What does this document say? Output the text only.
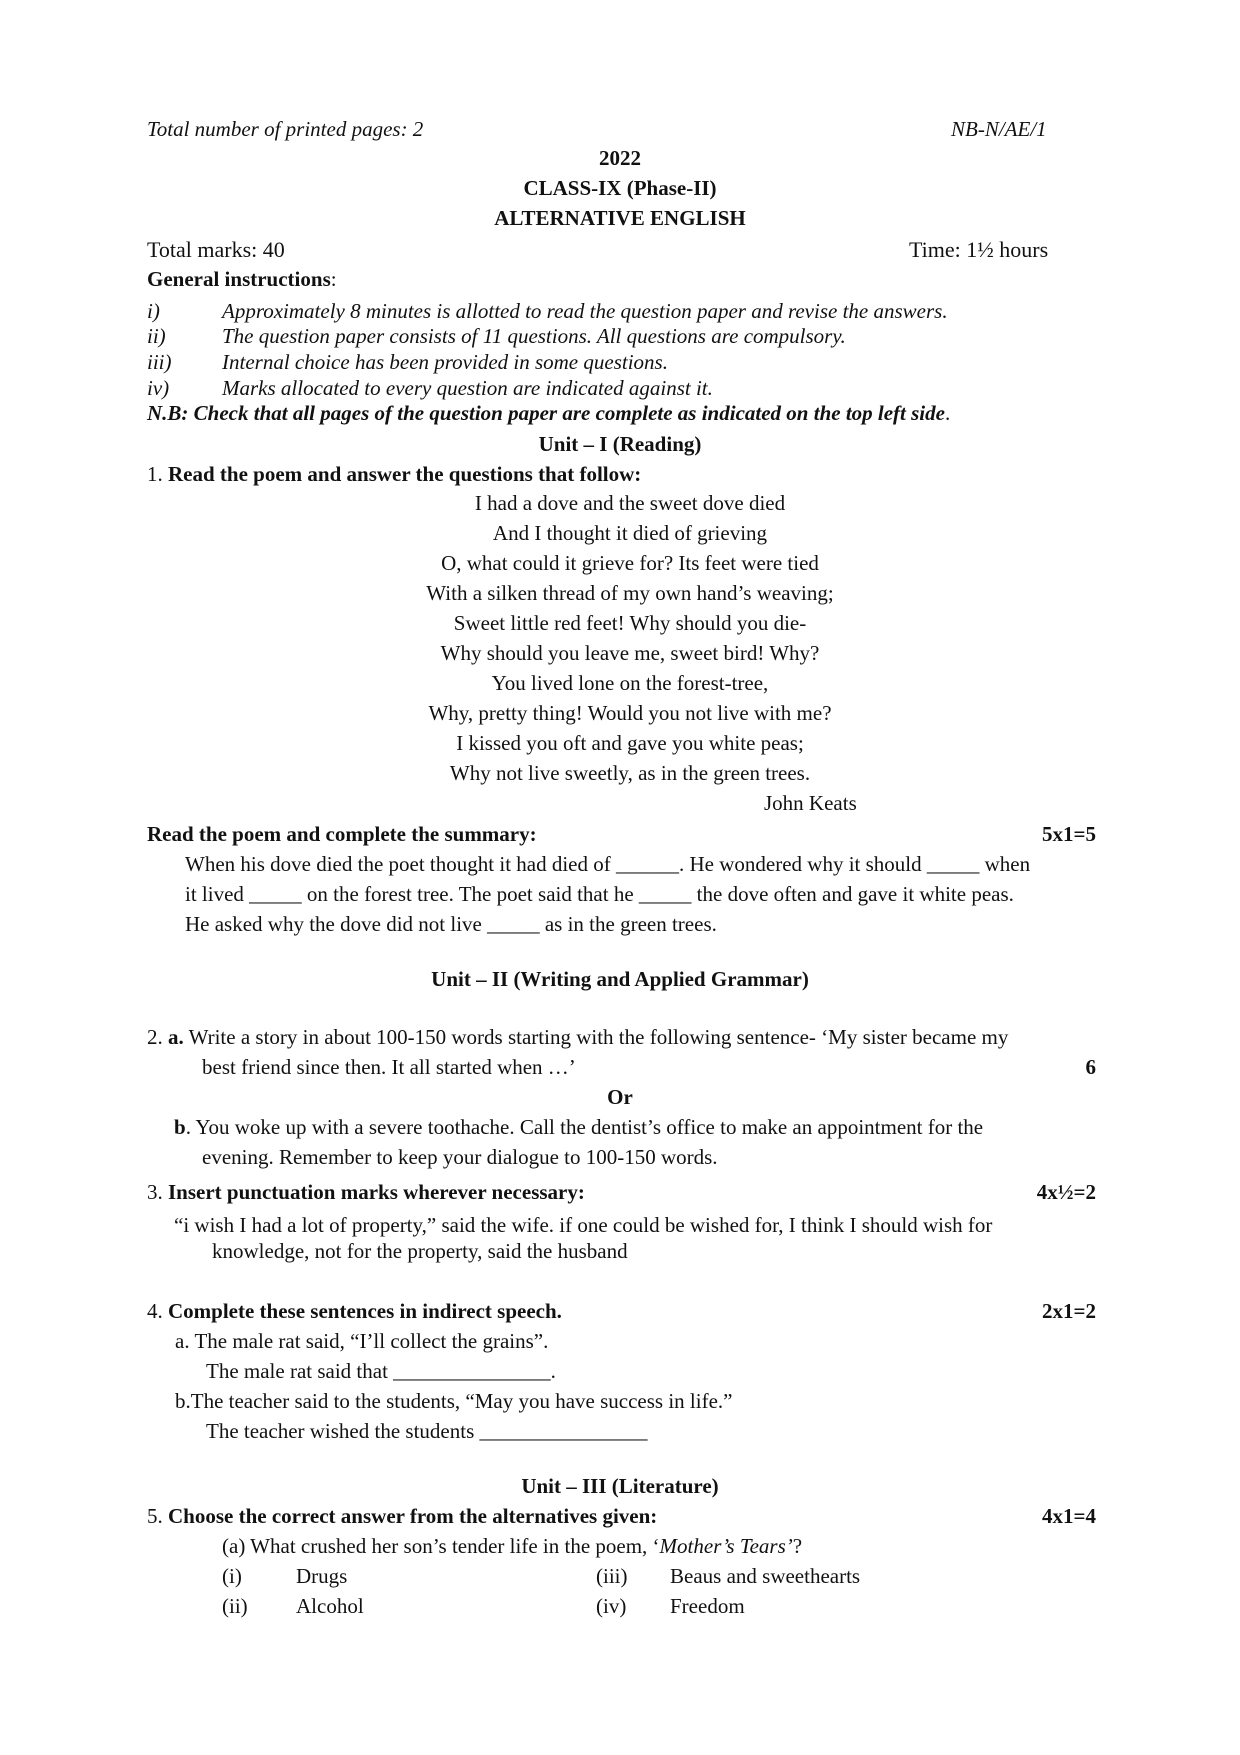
Total number of printed pages: 2	NB-N/AE/1
2022
CLASS-IX (Phase-II)
ALTERNATIVE ENGLISH
Total marks: 40	Time: 1½ hours
General instructions:
i)	Approximately 8 minutes is allotted to read the question paper and revise the answers.
ii)	The question paper consists of 11 questions. All questions are compulsory.
iii) Internal choice has been provided in some questions.
iv)	Marks allocated to every question are indicated against it.
N.B: Check that all pages of the question paper are complete as indicated on the top left side.
Unit – I (Reading)
1. Read the poem and answer the questions that follow:
I had a dove and the sweet dove died
And I thought it died of grieving
O, what could it grieve for? Its feet were tied
With a silken thread of my own hand’s weaving;
Sweet little red feet! Why should you die-
Why should you leave me, sweet bird! Why?
You lived lone on the forest-tree,
Why, pretty thing! Would you not live with me?
I kissed you oft and gave you white peas;
Why not live sweetly, as in the green trees.
John Keats
Read the poem and complete the summary:	5x1=5
When his dove died the poet thought it had died of ______. He wondered why it should _____ when
it lived _____ on the forest tree. The poet said that he _____ the dove often and gave it white peas.
He asked why the dove did not live _____ as in the green trees.
Unit – II (Writing and Applied Grammar)
2. a. Write a story in about 100-150 words starting with the following sentence- ‘My sister became my
best friend since then. It all started when …’	6
Or
b. You woke up with a severe toothache. Call the dentist’s office to make an appointment for the
evening. Remember to keep your dialogue to 100-150 words.
3. Insert punctuation marks wherever necessary:	4x½=2
“i wish I had a lot of property,” said the wife. if one could be wished for, I think I should wish for
knowledge, not for the property, said the husband
4. Complete these sentences in indirect speech.	2x1=2
a. The male rat said, “I’ll collect the grains”.
The male rat said that _______________.
b.The teacher said to the students, “May you have success in life.”
The teacher wished the students ________________
Unit – III (Literature)
5. Choose the correct answer from the alternatives given:	4x1=4
(a) What crushed her son’s tender life in the poem, ‘Mother’s Tears’?
(i)	Drugs	(iii) Beaus and sweethearts
(ii) Alcohol	(iv) Freedom
